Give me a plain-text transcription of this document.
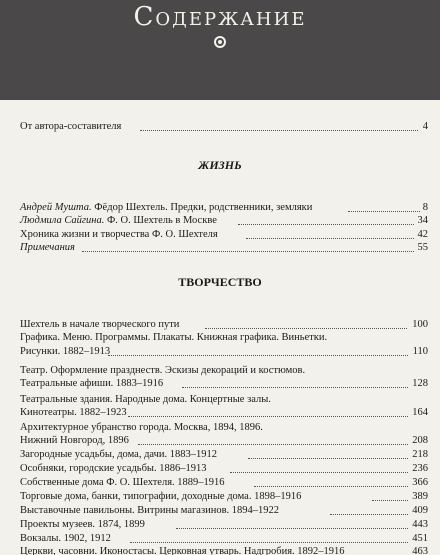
Содержание
От автора-составителя	4
ЖИЗНЬ
Андрей Мушта. Фёдор Шехтель. Предки, родственники, земляки	8
Людмила Сайгина. Ф. О. Шехтель в Москве	34
Хроника жизни и творчества Ф. О. Шехтеля	42
Примечания	55
ТВОРЧЕСТВО
Шехтель в начале творческого пути	100
Графика. Меню. Программы. Плакаты. Книжная графика. Виньетки.
Рисунки. 1882–1913	110
Театр. Оформление празднеств. Эскизы декораций и костюмов.
Театральные афиши. 1883–1916	128
Театральные здания. Народные дома. Концертные залы.
Кинотеатры. 1882–1923	164
Архитектурное убранство города. Москва, 1894, 1896.
Нижний Новгород, 1896	208
Загородные усадьбы, дома, дачи. 1883–1912	218
Особняки, городские усадьбы. 1886–1913	236
Собственные дома Ф. О. Шехтеля. 1889–1916	366
Торговые дома, банки, типографии, доходные дома. 1898–1916	389
Выставочные павильоны. Витрины магазинов. 1894–1922	409
Проекты музеев. 1874, 1899	443
Вокзалы. 1902, 1912	451
Церкви, часовни. Иконостасы. Церковная утварь. Надгробия. 1892–1916	463
